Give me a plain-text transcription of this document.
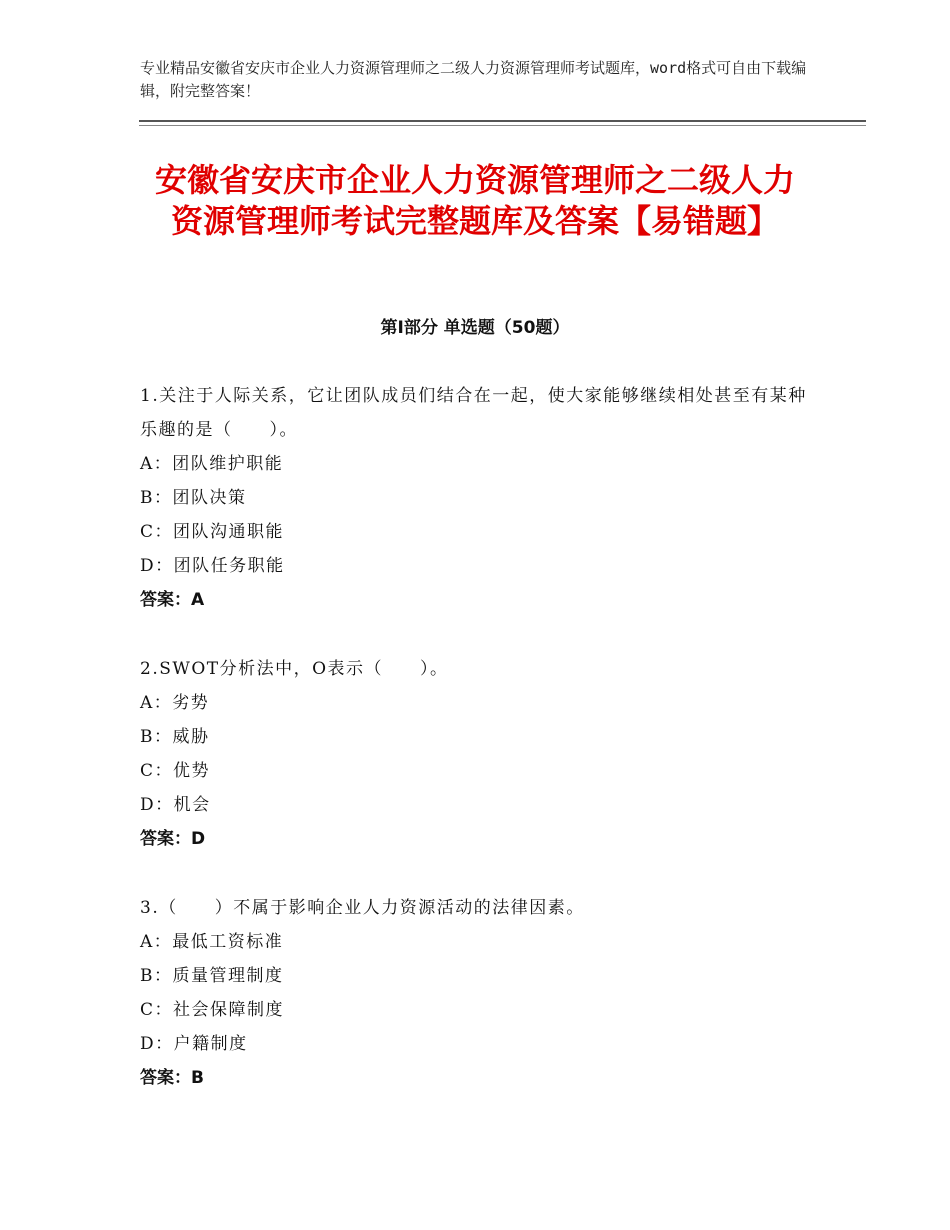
专业精品安徽省安庆市企业人力资源管理师之二级人力资源管理师考试题库，word格式可自由下载编辑，附完整答案！
安徽省安庆市企业人力资源管理师之二级人力资源管理师考试完整题库及答案【易错题】
第Ⅰ部分 单选题（50题）

1.关注于人际关系，它让团队成员们结合在一起，使大家能够继续相处甚至有某种乐趣的是（　　）。

A：团队维护职能

B：团队决策

C：团队沟通职能

D：团队任务职能

答案：A

2.SWOT分析法中，O表示（　　）。

A：劣势

B：威胁

C：优势

D：机会

答案：D

3.（　　）不属于影响企业人力资源活动的法律因素。

A：最低工资标准

B：质量管理制度

C：社会保障制度

D：户籍制度

答案：B
